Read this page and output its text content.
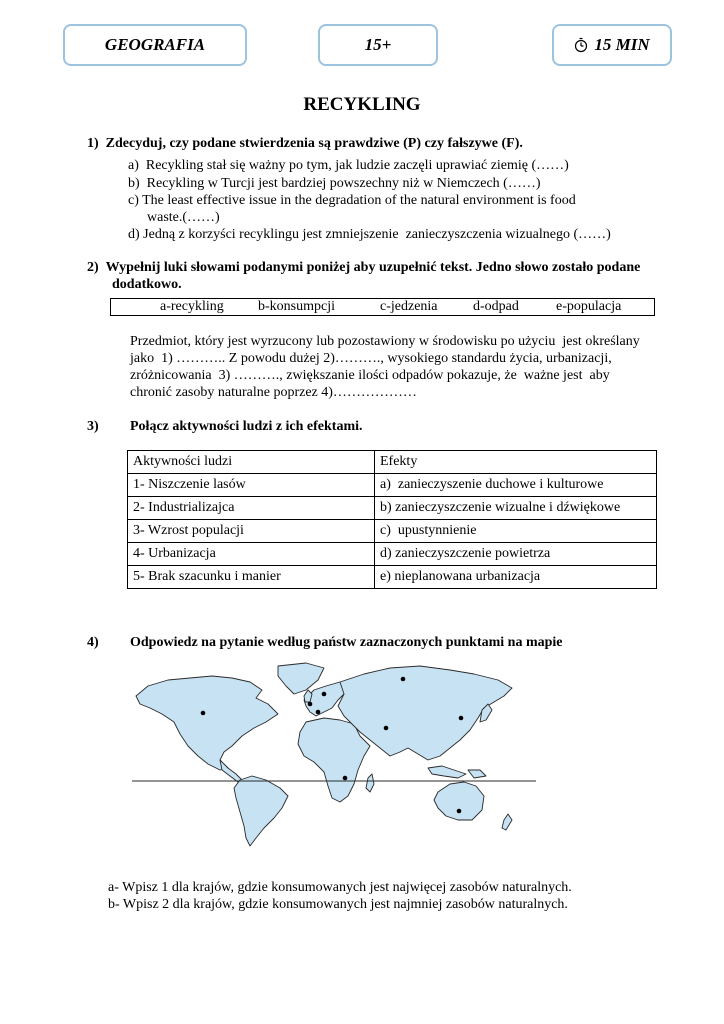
GEOGRAFIA	15+	15 MIN
RECYKLING
1)  Zdecyduj, czy podane stwierdzenia są prawdziwe (P) czy fałszywe (F).
a)  Recykling stał się ważny po tym, jak ludzie zaczęli uprawiać ziemię (……)
b)  Recykling w Turcji jest bardziej powszechny niż w Niemczech (……)
c) The least effective issue in the degradation of the natural environment is food
waste.(……)
d) Jedną z korzyści recyklingu jest zmniejszenie  zanieczyszczenia wizualnego (……)
2)  Wypełnij luki słowami podanymi poniżej aby uzupełnić tekst. Jedno słowo zostało podane
dodatkowo.
a-recykling b-konsumpcji	c-jedzenia	d-odpad	e-populacja
Przedmiot, który jest wyrzucony lub pozostawiony w środowisku po użyciu  jest określany
jako  1) ……….. Z powodu dużej 2)………., wysokiego standardu życia, urbanizacji,
zróżnicowania  3) ………., zwiększanie ilości odpadów pokazuje, że  ważne jest  aby
chronić zasoby naturalne poprzez 4)………………
3) Połącz aktywności ludzi z ich efektami.
Aktywności ludzi	Efekty
1- Niszczenie lasów	a)  zanieczyszenie duchowe i kulturowe
2- Industrializajca	b) zanieczyszczenie wizualne i dźwiękowe
3- Wzrost populacji	c)  upustynnienie
4- Urbanizacja	d) zanieczyszczenie powietrza
5- Brak szacunku i manier	e) nieplanowana urbanizacja
4) Odpowiedz na pytanie według państw zaznaczonych punktami na mapie
a- Wpisz 1 dla krajów, gdzie konsumowanych jest najwięcej zasobów naturalnych.
b- Wpisz 2 dla krajów, gdzie konsumowanych jest najmniej zasobów naturalnych.
